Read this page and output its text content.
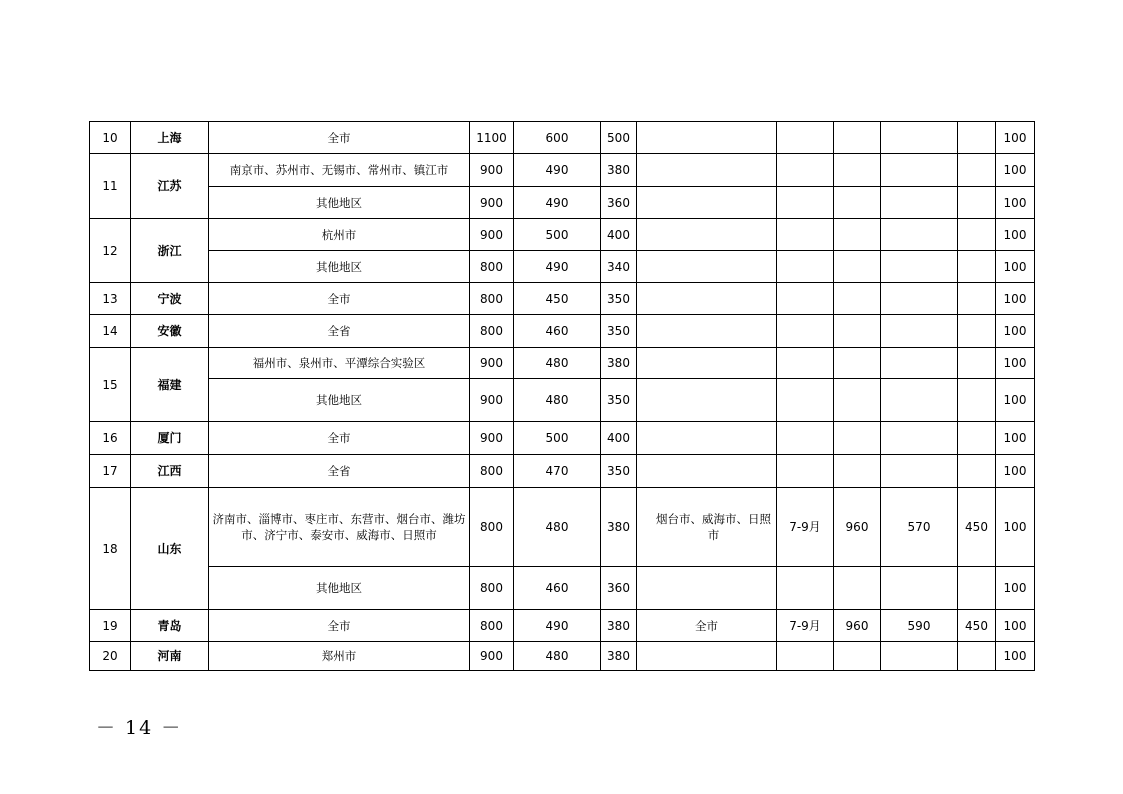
10	上海	全市	1100	600	500						100
11	江苏	南京市、苏州市、无锡市、常州市、镇江市	900	490	380						100
		其他地区	900	490	360						100
12	浙江	杭州市	900	500	400						100
		其他地区	800	490	340						100
13	宁波	全市	800	450	350						100
14	安徽	全省	800	460	350						100
15	福建	福州市、泉州市、平潭综合实验区	900	480	380						100
		其他地区	900	480	350						100
16	厦门	全市	900	500	400						100
17	江西	全省	800	470	350						100
18	山东	济南市、淄博市、枣庄市、东营市、烟台市、潍坊市、济宁市、泰安市、威海市、日照市	800	480	380	烟台市、威海市、日照市	7-9月	960	570	450	100
		其他地区	800	460	360						100
19	青岛	全市	800	490	380	全市	7-9月	960	590	450	100
20	河南	郑州市	900	480	380						100
－ 14 －
